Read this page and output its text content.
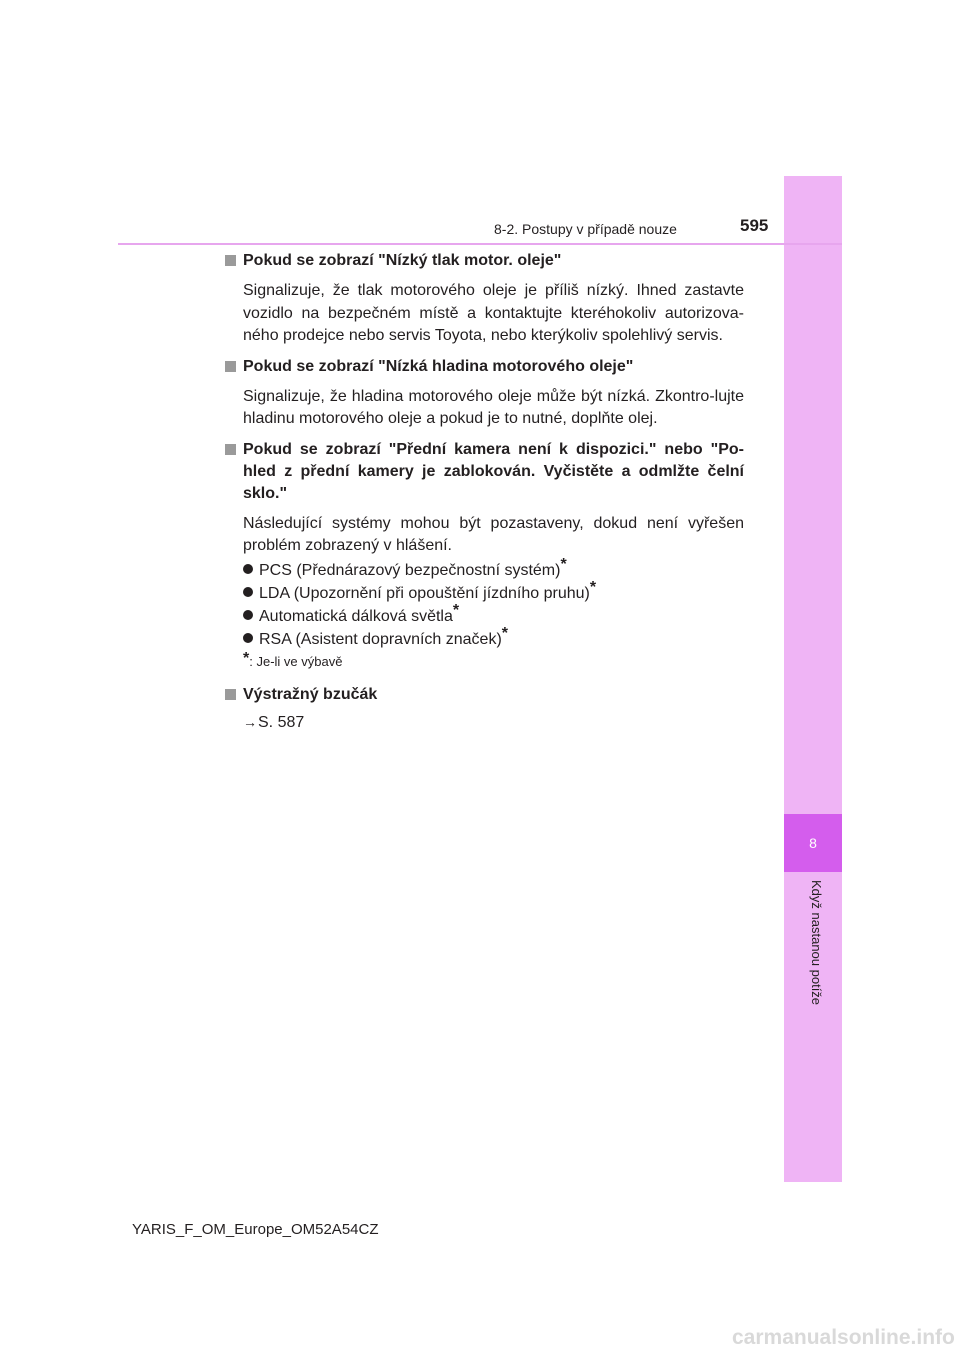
8
Když nastanou potíže
8-2. Postupy v případě nouze	595
Pokud se zobrazí "Nízký tlak motor. oleje"
Signalizuje, že tlak motorového oleje je příliš nízký. Ihned zastavte vozidlo na bezpečném místě a kontaktujte kteréhokoliv autorizova-ného prodejce nebo servis Toyota, nebo kterýkoliv spolehlivý servis.
Pokud se zobrazí "Nízká hladina motorového oleje"
Signalizuje, že hladina motorového oleje může být nízká. Zkontro-lujte hladinu motorového oleje a pokud je to nutné, doplňte olej.
Pokud se zobrazí "Přední kamera není k dispozici." nebo "Po-hled z přední kamery je zablokován. Vyčistěte a odmlžte čelní sklo."
Následující systémy mohou být pozastaveny, dokud není vyřešen problém zobrazený v hlášení.
PCS (Přednárazový bezpečnostní systém)*
LDA (Upozornění při opouštění jízdního pruhu)*
Automatická dálková světla*
RSA (Asistent dopravních značek)*
*: Je-li ve výbavě
Výstražný bzučák
→S. 587
YARIS_F_OM_Europe_OM52A54CZ
carmanualsonline.info
